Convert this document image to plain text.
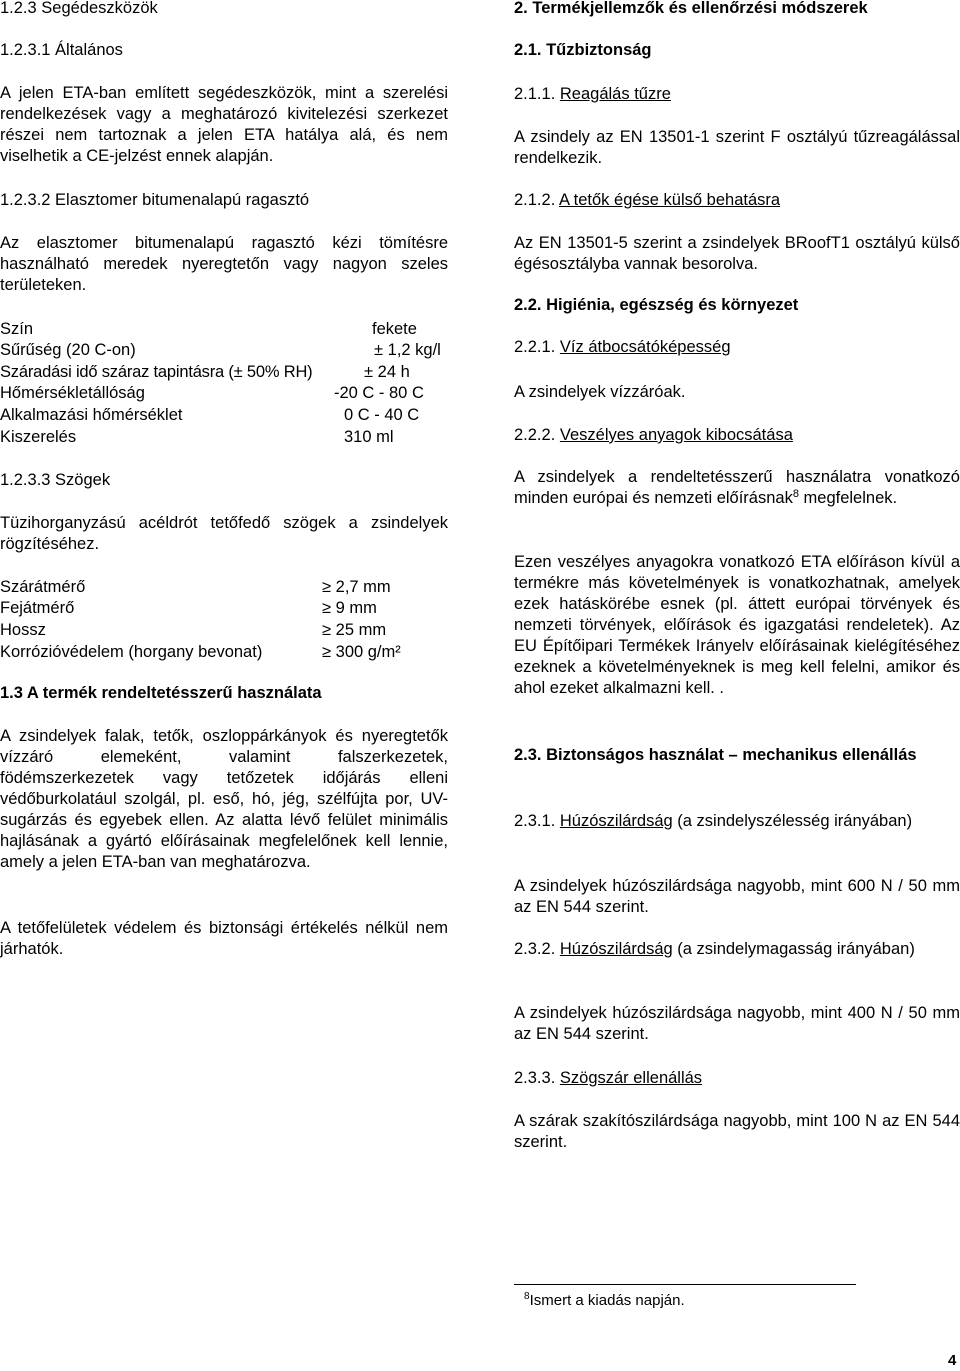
1.2.3 Segédeszközök

1.2.3.1 Általános

A jelen ETA-ban említett segédeszközök, mint a szerelési rendelkezések vagy a meghatározó kivitelezési szerkezet részei nem tartoznak a jelen ETA hatálya alá, és nem viselhetik a CE-jelzést ennek alapján.

1.2.3.2 Elasztomer bitumenalapú ragasztó

Az elasztomer bitumenalapú ragasztó kézi tömítésre használható meredek nyeregtetőn vagy nagyon szeles területeken.

Szín	fekete
Sűrűség (20 C-on)	± 1,2 kg/l
Száradási idő száraz tapintásra (± 50% RH)	± 24 h
Hőmérsékletállóság	-20 C - 80 C
Alkalmazási hőmérséklet	0 C - 40 C
Kiszerelés	310 ml

1.2.3.3 Szögek

Tüzihorganyzású acéldrót tetőfedő szögek a zsindelyek rögzítéséhez.

Szárátmérő	≥ 2,7 mm
Fejátmérő	≥ 9 mm
Hossz	≥ 25 mm
Korrózióvédelem (horgany bevonat)	≥ 300 g/m²

1.3 A termék rendeltetésszerű használata

A zsindelyek falak, tetők, oszloppárkányok és nyeregtetők vízzáró elemeként, valamint falszerkezetek, födémszerkezetek vagy tetőzetek időjárás elleni védőburkolatául szolgál, pl. eső, hó, jég, szélfújta por, UV-sugárzás és egyebek ellen. Az alatta lévő felület minimális hajlásának a gyártó előírásainak megfelelőnek kell lennie, amely a jelen ETA-ban van meghatározva.

A tetőfelületek védelem és biztonsági értékelés nélkül nem járhatók.

2. Termékjellemzők és ellenőrzési módszerek

2.1. Tűzbiztonság

2.1.1. Reagálás tűzre

A zsindely az EN 13501-1 szerint F osztályú tűzreagálással rendelkezik.

2.1.2. A tetők égése külső behatásra

Az EN 13501-5 szerint a zsindelyek BRoofT1 osztályú külső égésosztályba vannak besorolva.

2.2. Higiénia, egészség és környezet

2.2.1. Víz átbocsátóképesség

A zsindelyek vízzáróak.

2.2.2. Veszélyes anyagok kibocsátása

A zsindelyek a rendeltetésszerű használatra vonatkozó minden európai és nemzeti előírásnak$^8$ megfelelnek.

Ezen veszélyes anyagokra vonatkozó ETA előíráson kívül a termékre más követelmények is vonatkozhatnak, amelyek ezek hatáskörébe esnek (pl. áttett európai törvények és nemzeti törvények, előírások és igazgatási rendeletek). Az EU Építőipari Termékek Irányelv előírásainak kielégítéséhez ezeknek a követelményeknek is meg kell felelni, amikor és ahol ezeket alkalmazni kell. .

2.3. Biztonságos használat – mechanikus ellenállás

2.3.1. Húzószilárdság (a zsindelyszélesség irányában)

A zsindelyek húzószilárdsága nagyobb, mint 600 N / 50 mm az EN 544 szerint.

2.3.2. Húzószilárdság (a zsindelymagasság irányában)

A zsindelyek húzószilárdsága nagyobb, mint 400 N / 50 mm az EN 544 szerint.

2.3.3. Szögszár ellenállás

A szárak szakítószilárdsága nagyobb, mint 100 N az EN 544 szerint.

$^8$Ismert a kiadás napján.
4
